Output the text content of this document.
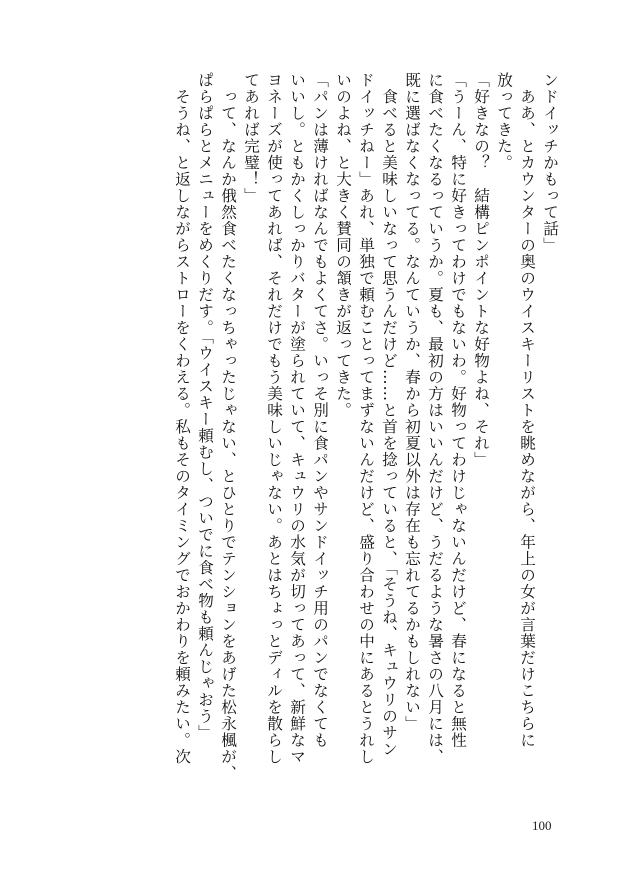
ンドイッチかもって話」
　ああ、とカウンターの奥のウイスキーリストを眺めながら、年上の女が言葉だけこちらに
放ってきた。
「好きなの？　結構ピンポイントな好物よね、それ」
「うーん、特に好きってわけでもないわ。好物ってわけじゃないんだけど、春になると無性
に食べたくなるっていうか。夏も、最初の方はいいんだけど、うだるような暑さの八月には、
既に選ばなくなってる。なんていうか、春から初夏以外は存在も忘れてるかもしれない」
　食べると美味しいなって思うんだけど……と首を捻っていると、「そうね、キュウリのサン
ドイッチねー」あれ、単独で頼むことってまずないんだけど、盛り合わせの中にあるとうれし
いのよね、と大きく賛同の頷きが返ってきた。
「パンは薄ければなんでもよくてさ。いっそ別に食パンやサンドイッチ用のパンでなくても
いいし。ともかくしっかりバターが塗られていて、キュウリの水気が切ってあって、新鮮なマ
ヨネーズが使ってあれば、それだけでもう美味しいじゃない。あとはちょっとディルを散らし
てあれば完璧！」
　って、なんか俄然食べたくなっちゃったじゃない、とひとりでテンションをあげた松永楓が、
ぱらぱらとメニューをめくりだす。「ウイスキー頼むし、ついでに食べ物も頼んじゃおう」
　そうね、と返しながらストローをくわえる。私もそのタイミングでおかわりを頼みたい。次
100
